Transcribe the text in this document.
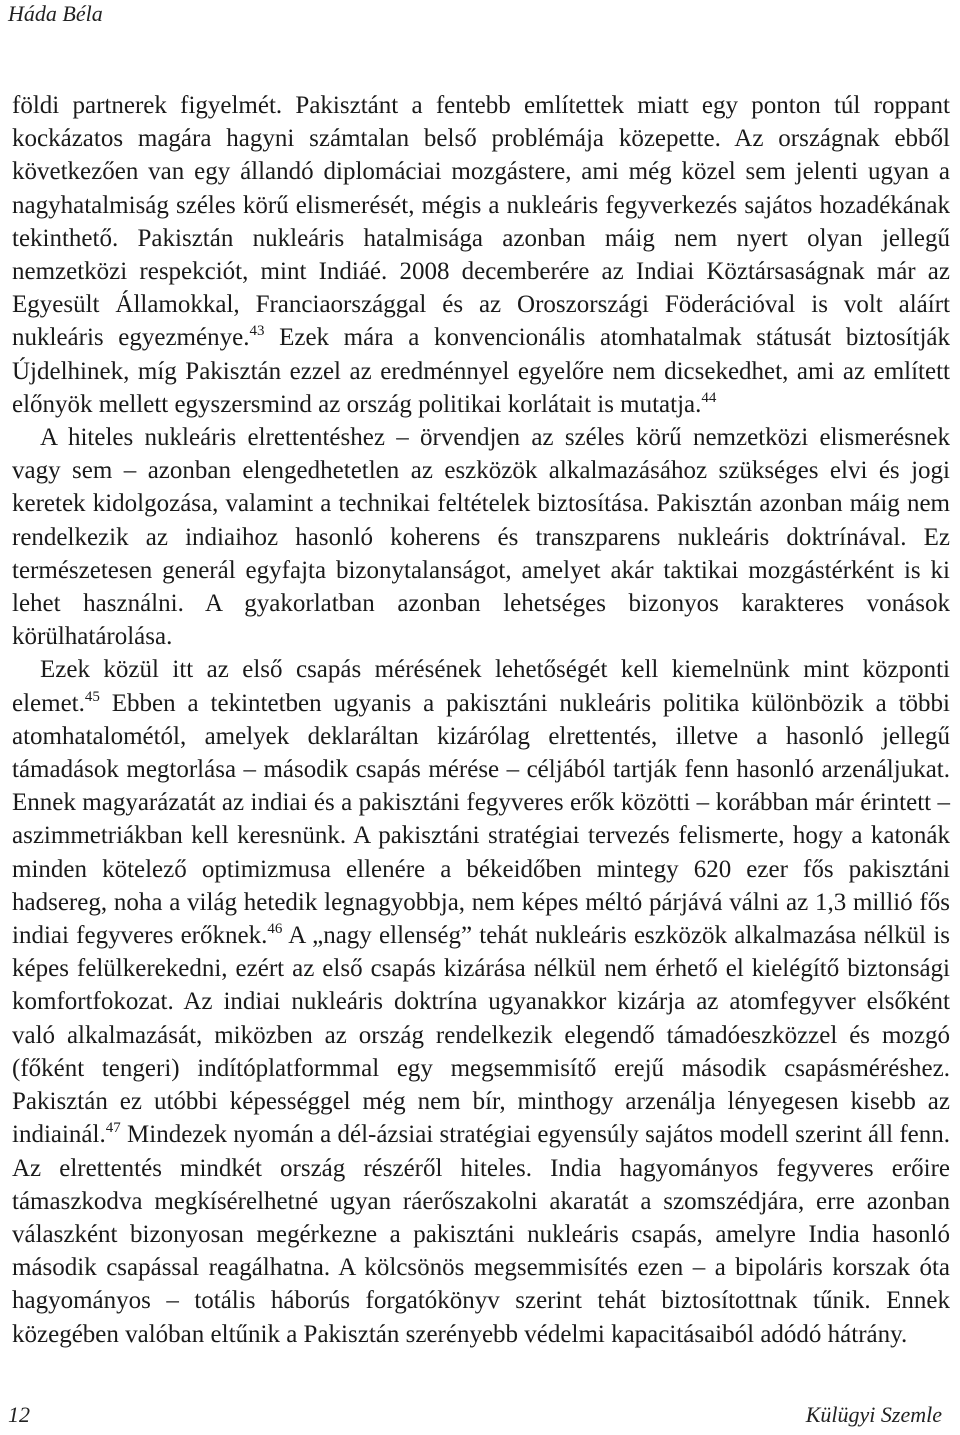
Háda Béla

földi partnerek figyelmét. Pakisztánt a fentebb említettek miatt egy ponton túl roppant kockázatos magára hagyni számtalan belső problémája közepette. Az országnak ebből következően van egy állandó diplomáciai mozgástere, ami még közel sem jelenti ugyan a nagyhatalmiság széles körű elismerését, mégis a nukleáris fegyverkezés sajátos hozadékának tekinthető. Pakisztán nukleáris hatalmisága azonban máig nem nyert olyan jellegű nemzetközi respekciót, mint Indiáé. 2008 decemberére az Indiai Köztársaságnak már az Egyesült Államokkal, Franciaországgal és az Oroszországi Föderációval is volt aláírt nukleáris egyezménye.$^{43}$ Ezek mára a konvencionális atomhatalmak státusát biztosítják Újdelhinek, míg Pakisztán ezzel az eredménnyel egyelőre nem dicsekedhet, ami az említett előnyök mellett egyszersmind az ország politikai korlátait is mutatja.$^{44}$

A hiteles nukleáris elrettentéshez – örvendjen az széles körű nemzetközi elismerésnek vagy sem – azonban elengedhetetlen az eszközök alkalmazásához szükséges elvi és jogi keretek kidolgozása, valamint a technikai feltételek biztosítása. Pakisztán azonban máig nem rendelkezik az indiaihoz hasonló koherens és transzparens nukleáris doktrínával. Ez természetesen generál egyfajta bizonytalanságot, amelyet akár taktikai mozgástérként is ki lehet használni. A gyakorlatban azonban lehetséges bizonyos karakteres vonások körülhatárolása.

Ezek közül itt az első csapás mérésének lehetőségét kell kiemelnünk mint központi elemet.$^{45}$ Ebben a tekintetben ugyanis a pakisztáni nukleáris politika különbözik a többi atomhatalométól, amelyek deklaráltan kizárólag elrettentés, illetve a hasonló jellegű támadások megtorlása – második csapás mérése – céljából tartják fenn hasonló arzenáljukat. Ennek magyarázatát az indiai és a pakisztáni fegyveres erők közötti – korábban már érintett – aszimmetriákban kell keresnünk. A pakisztáni stratégiai tervezés felismerte, hogy a katonák minden kötelező optimizmusa ellenére a békeidőben mintegy 620 ezer fős pakisztáni hadsereg, noha a világ hetedik legnagyobbja, nem képes méltó párjává válni az 1,3 millió fős indiai fegyveres erőknek.$^{46}$ A „nagy ellenség” tehát nukleáris eszközök alkalmazása nélkül is képes felülkerekedni, ezért az első csapás kizárása nélkül nem érhető el kielégítő biztonsági komfortfokozat. Az indiai nukleáris doktrína ugyanakkor kizárja az atomfegyver elsőként való alkalmazását, miközben az ország rendelkezik elegendő támadóeszközzel és mozgó (főként tengeri) indítóplatformmal egy megsemmisítő erejű második csapásméréshez. Pakisztán ez utóbbi képességgel még nem bír, minthogy arzenálja lényegesen kisebb az indiainál.$^{47}$ Mindezek nyomán a dél-ázsiai stratégiai egyensúly sajátos modell szerint áll fenn. Az elrettentés mindkét ország részéről hiteles. India hagyományos fegyveres erőire támaszkodva megkísérelhetné ugyan ráerőszakolni akaratát a szomszédjára, erre azonban válaszként bizonyosan megérkezne a pakisztáni nukleáris csapás, amelyre India hasonló második csapással reagálhatna. A kölcsönös megsemmisítés ezen – a bipoláris korszak óta hagyományos – totális háborús forgatókönyv szerint tehát biztosítottnak tűnik. Ennek közegében valóban eltűnik a Pakisztán szerényebb védelmi kapacitásaiból adódó hátrány.

12	Külügyi Szemle
